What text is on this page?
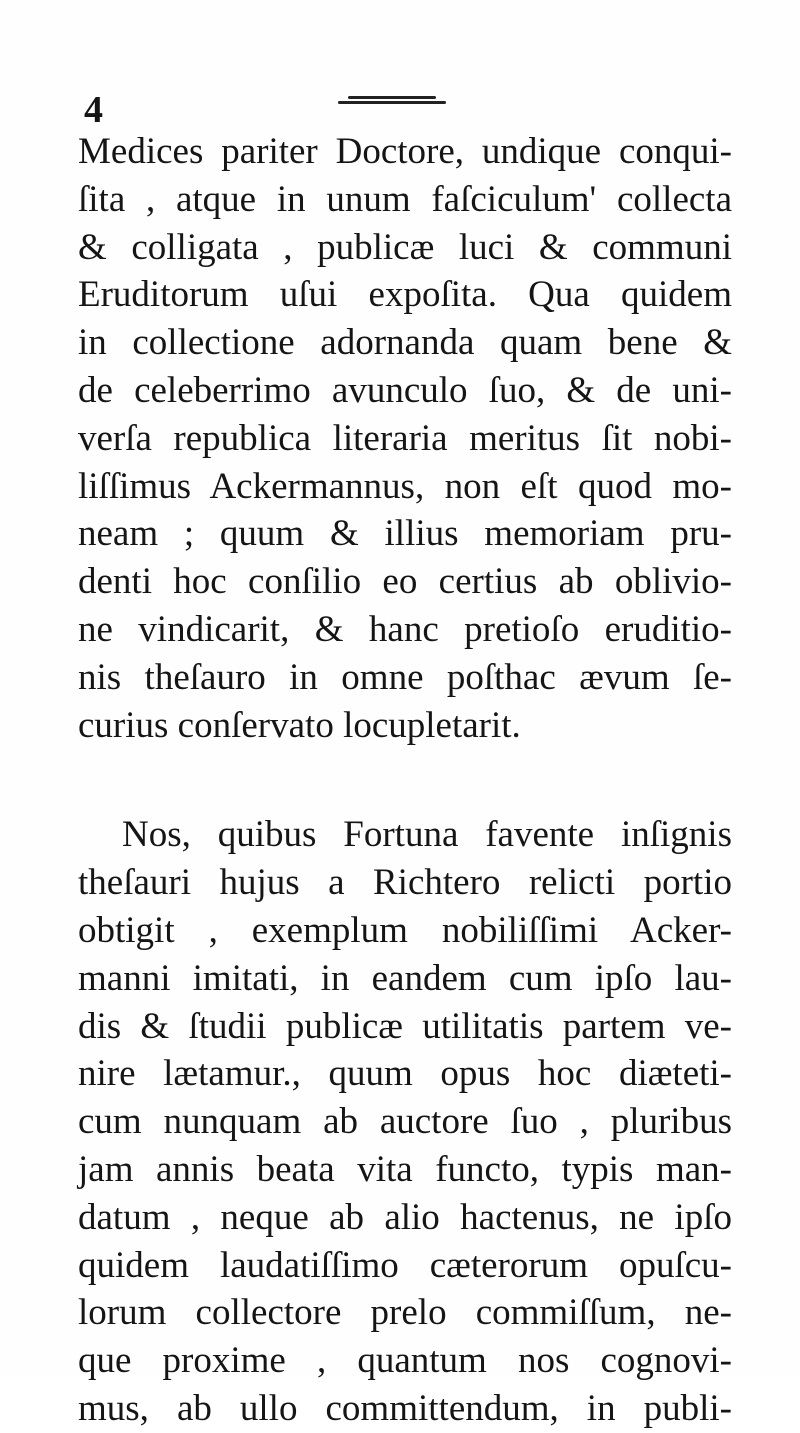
4
Medices pariter Doctore, undique conqui-
ſita , atque in unum faſciculum' collecta
& colligata , publicæ luci & communi
Eruditorum uſui expoſita. Qua quidem
in collectione adornanda quam bene &
de celeberrimo avunculo ſuo, & de uni-
verſa republica literaria meritus ſit nobi-
liſſimus Ackermannus, non eſt quod mo-
neam ; quum & illius memoriam pru-
denti hoc conſilio eo certius ab oblivio-
ne vindicarit, & hanc pretioſo eruditio-
nis theſauro in omne poſthac ævum ſe-
curius conſervato locupletarit.
Nos, quibus Fortuna favente inſignis
theſauri hujus a Richtero relicti portio
obtigit , exemplum nobiliſſimi Acker-
manni imitati, in eandem cum ipſo lau-
dis & ſtudii publicæ utilitatis partem ve-
nire lætamur., quum opus hoc diæteti-
cum nunquam ab auctore ſuo , pluribus
jam annis beata vita functo, typis man-
datum , neque ab alio hactenus, ne ipſo
quidem laudatiſſimo cæterorum opuſcu-
lorum collectore prelo commiſſum, ne-
que proxime , quantum nos cognovi-
mus, ab ullo committendum, in publi-
